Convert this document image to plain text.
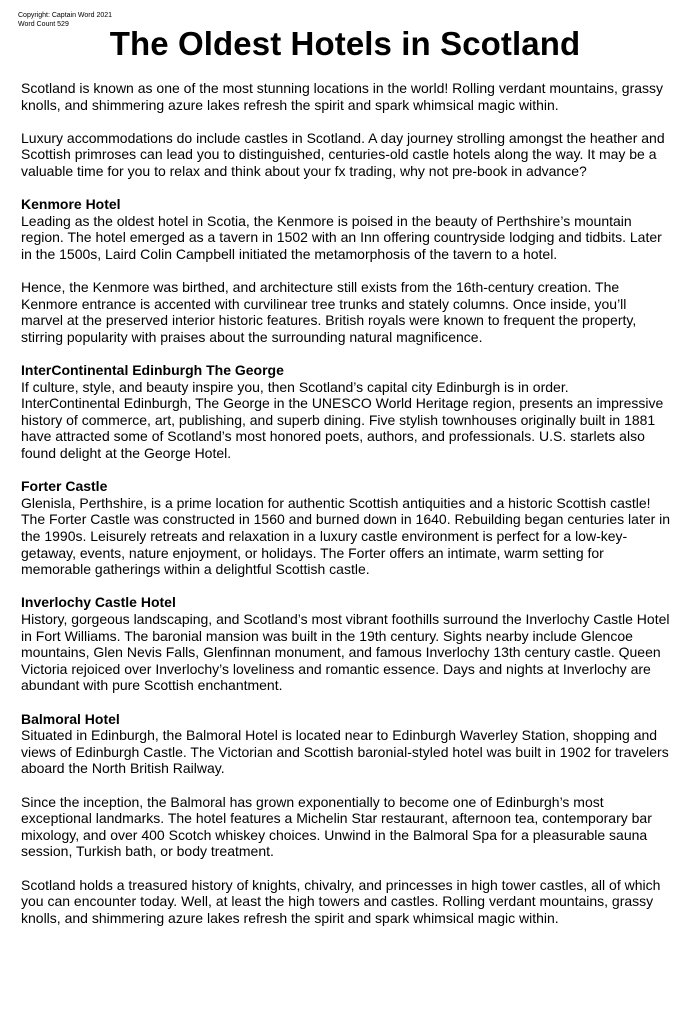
Copyright: Captain Word 2021
Word Count 529
The Oldest Hotels in Scotland

Scotland is known as one of the most stunning locations in the world! Rolling verdant mountains, grassy knolls, and shimmering azure lakes refresh the spirit and spark whimsical magic within.

Luxury accommodations do include castles in Scotland. A day journey strolling amongst the heather and Scottish primroses can lead you to distinguished, centuries-old castle hotels along the way. It may be a valuable time for you to relax and think about your fx trading, why not pre-book in advance?

Kenmore Hotel
Leading as the oldest hotel in Scotia, the Kenmore is poised in the beauty of Perthshire’s mountain region. The hotel emerged as a tavern in 1502 with an Inn offering countryside lodging and tidbits. Later in the 1500s, Laird Colin Campbell initiated the metamorphosis of the tavern to a hotel.

Hence, the Kenmore was birthed, and architecture still exists from the 16th-century creation. The Kenmore entrance is accented with curvilinear tree trunks and stately columns. Once inside, you’ll marvel at the preserved interior historic features. British royals were known to frequent the property, stirring popularity with praises about the surrounding natural magnificence.

InterContinental Edinburgh The George
If culture, style, and beauty inspire you, then Scotland’s capital city Edinburgh is in order. InterContinental Edinburgh, The George in the UNESCO World Heritage region, presents an impressive history of commerce, art, publishing, and superb dining. Five stylish townhouses originally built in 1881 have attracted some of Scotland’s most honored poets, authors, and professionals. U.S. starlets also found delight at the George Hotel.

Forter Castle
Glenisla, Perthshire, is a prime location for authentic Scottish antiquities and a historic Scottish castle! The Forter Castle was constructed in 1560 and burned down in 1640. Rebuilding began centuries later in the 1990s. Leisurely retreats and relaxation in a luxury castle environment is perfect for a low-key-getaway, events, nature enjoyment, or holidays. The Forter offers an intimate, warm setting for memorable gatherings within a delightful Scottish castle.

Inverlochy Castle Hotel
History, gorgeous landscaping, and Scotland’s most vibrant foothills surround the Inverlochy Castle Hotel in Fort Williams. The baronial mansion was built in the 19th century. Sights nearby include Glencoe mountains, Glen Nevis Falls, Glenfinnan monument, and famous Inverlochy 13th century castle. Queen Victoria rejoiced over Inverlochy’s loveliness and romantic essence. Days and nights at Inverlochy are abundant with pure Scottish enchantment.

Balmoral Hotel
Situated in Edinburgh, the Balmoral Hotel is located near to Edinburgh Waverley Station, shopping and views of Edinburgh Castle. The Victorian and Scottish baronial-styled hotel was built in 1902 for travelers aboard the North British Railway.

Since the inception, the Balmoral has grown exponentially to become one of Edinburgh’s most exceptional landmarks. The hotel features a Michelin Star restaurant, afternoon tea, contemporary bar mixology, and over 400 Scotch whiskey choices. Unwind in the Balmoral Spa for a pleasurable sauna session, Turkish bath, or body treatment.

Scotland holds a treasured history of knights, chivalry, and princesses in high tower castles, all of which you can encounter today. Well, at least the high towers and castles. Rolling verdant mountains, grassy knolls, and shimmering azure lakes refresh the spirit and spark whimsical magic within.
